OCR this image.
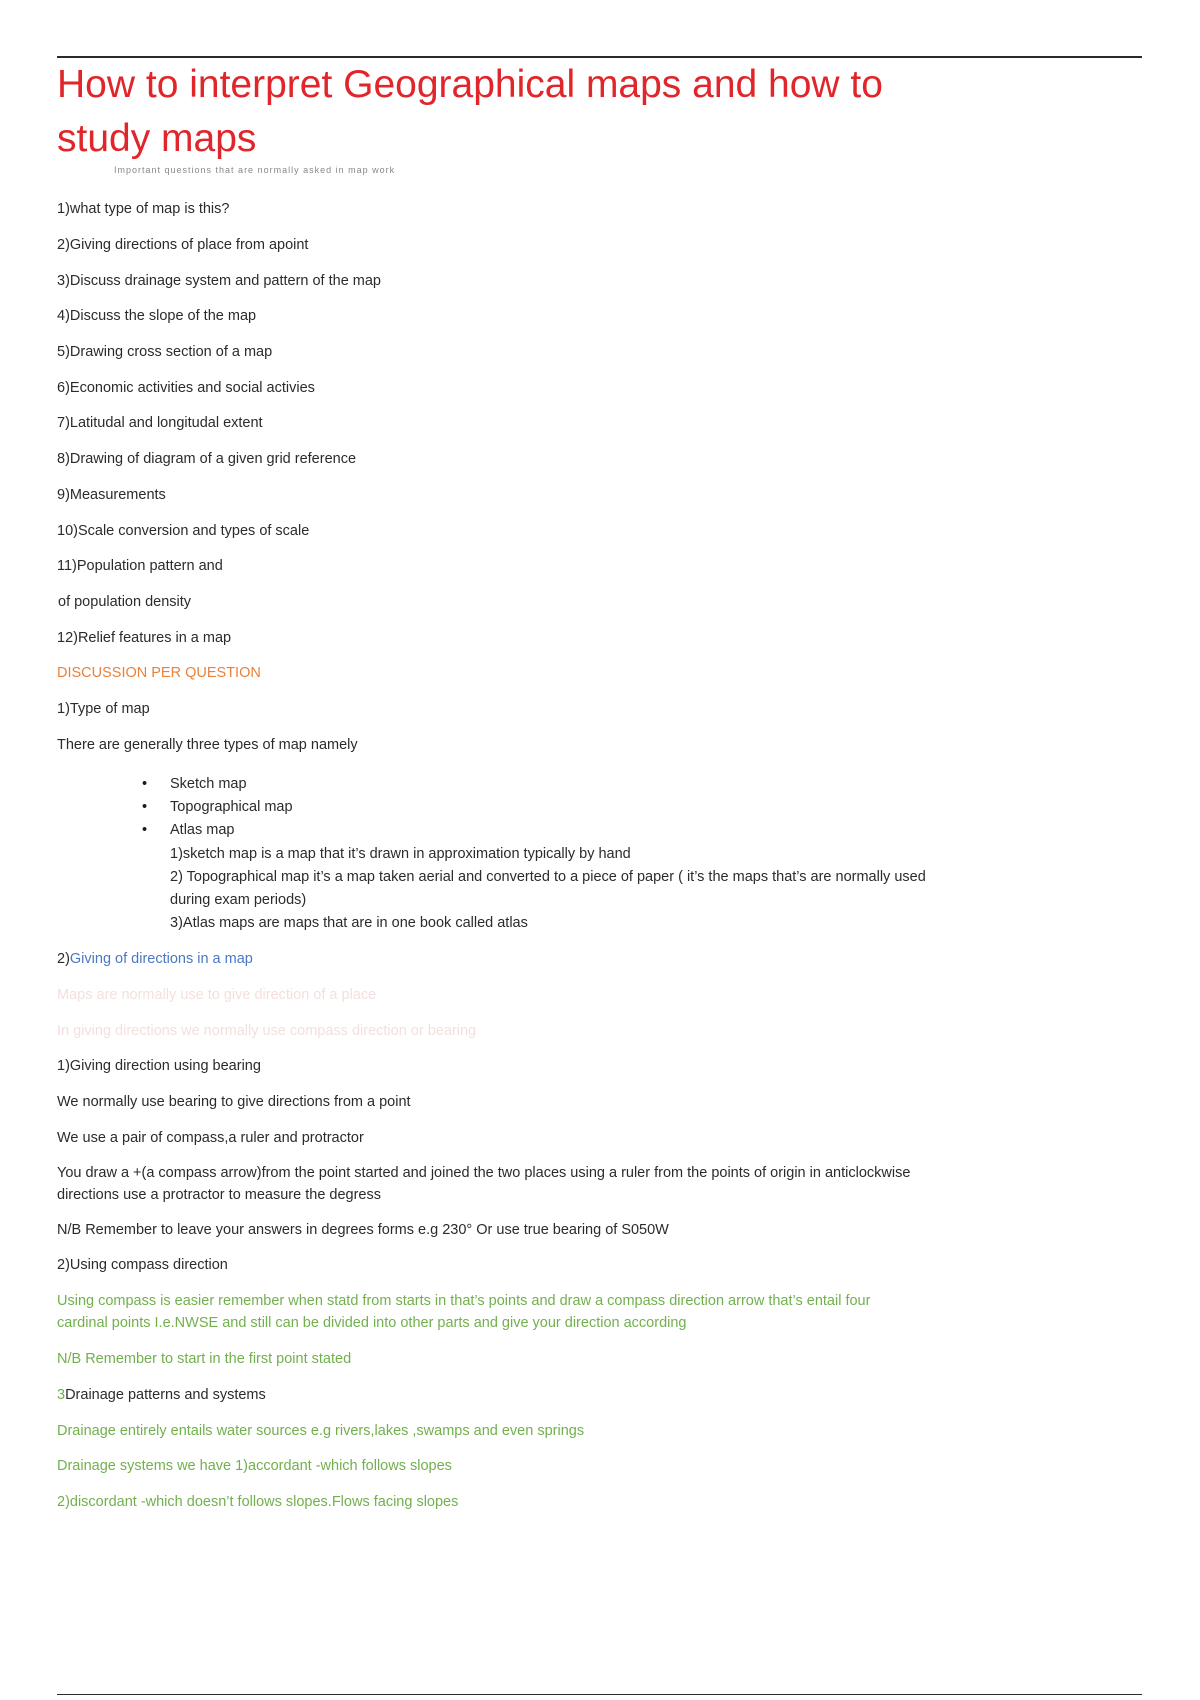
How to interpret Geographical maps and how to study maps
Important questions that are normally asked in map work
1)what type of map is this?
2)Giving directions of place from apoint
3)Discuss drainage system and pattern of the map
4)Discuss the slope of the map
5)Drawing cross section of a map
6)Economic activities and social activies
7)Latitudal and longitudal extent
8)Drawing of diagram of a given grid reference
9)Measurements
10)Scale conversion and types of scale
11)Population pattern and
of population density
12)Relief features in a map
DISCUSSION PER QUESTION
1)Type of map
There are generally three types of map namely
• Sketch map
• Topographical map
• Atlas map
1)sketch map is a map that it’s drawn in approximation typically by hand
2) Topographical map it’s a map taken aerial and converted to a piece of paper ( it’s the maps that’s are normally used during exam periods)
3)Atlas maps are maps that are in one book called atlas
2)Giving of directions in a map
Maps are normally use to give direction of a place
In giving directions we normally use compass direction or bearing
1)Giving direction using bearing
We normally use bearing to give directions from a point
We use a pair of compass,a ruler and protractor
You draw a +(a compass arrow)from the point started and joined the two places using a ruler from the points of origin in anticlockwise directions use a protractor to measure the degress
N/B Remember to leave your answers in degrees forms e.g 230° Or use true bearing of S050W
2)Using compass direction
Using compass is easier remember when statd from starts in that’s points and draw a compass direction arrow that’s entail four cardinal points I.e.NWSE and still can be divided into other parts and give your direction according
N/B Remember to start in the first point stated
3Drainage patterns and systems
Drainage entirely entails water sources e.g rivers,lakes ,swamps and even springs
Drainage systems we have 1)accordant -which follows slopes
2)discordant -which doesn’t follows slopes.Flows facing slopes
